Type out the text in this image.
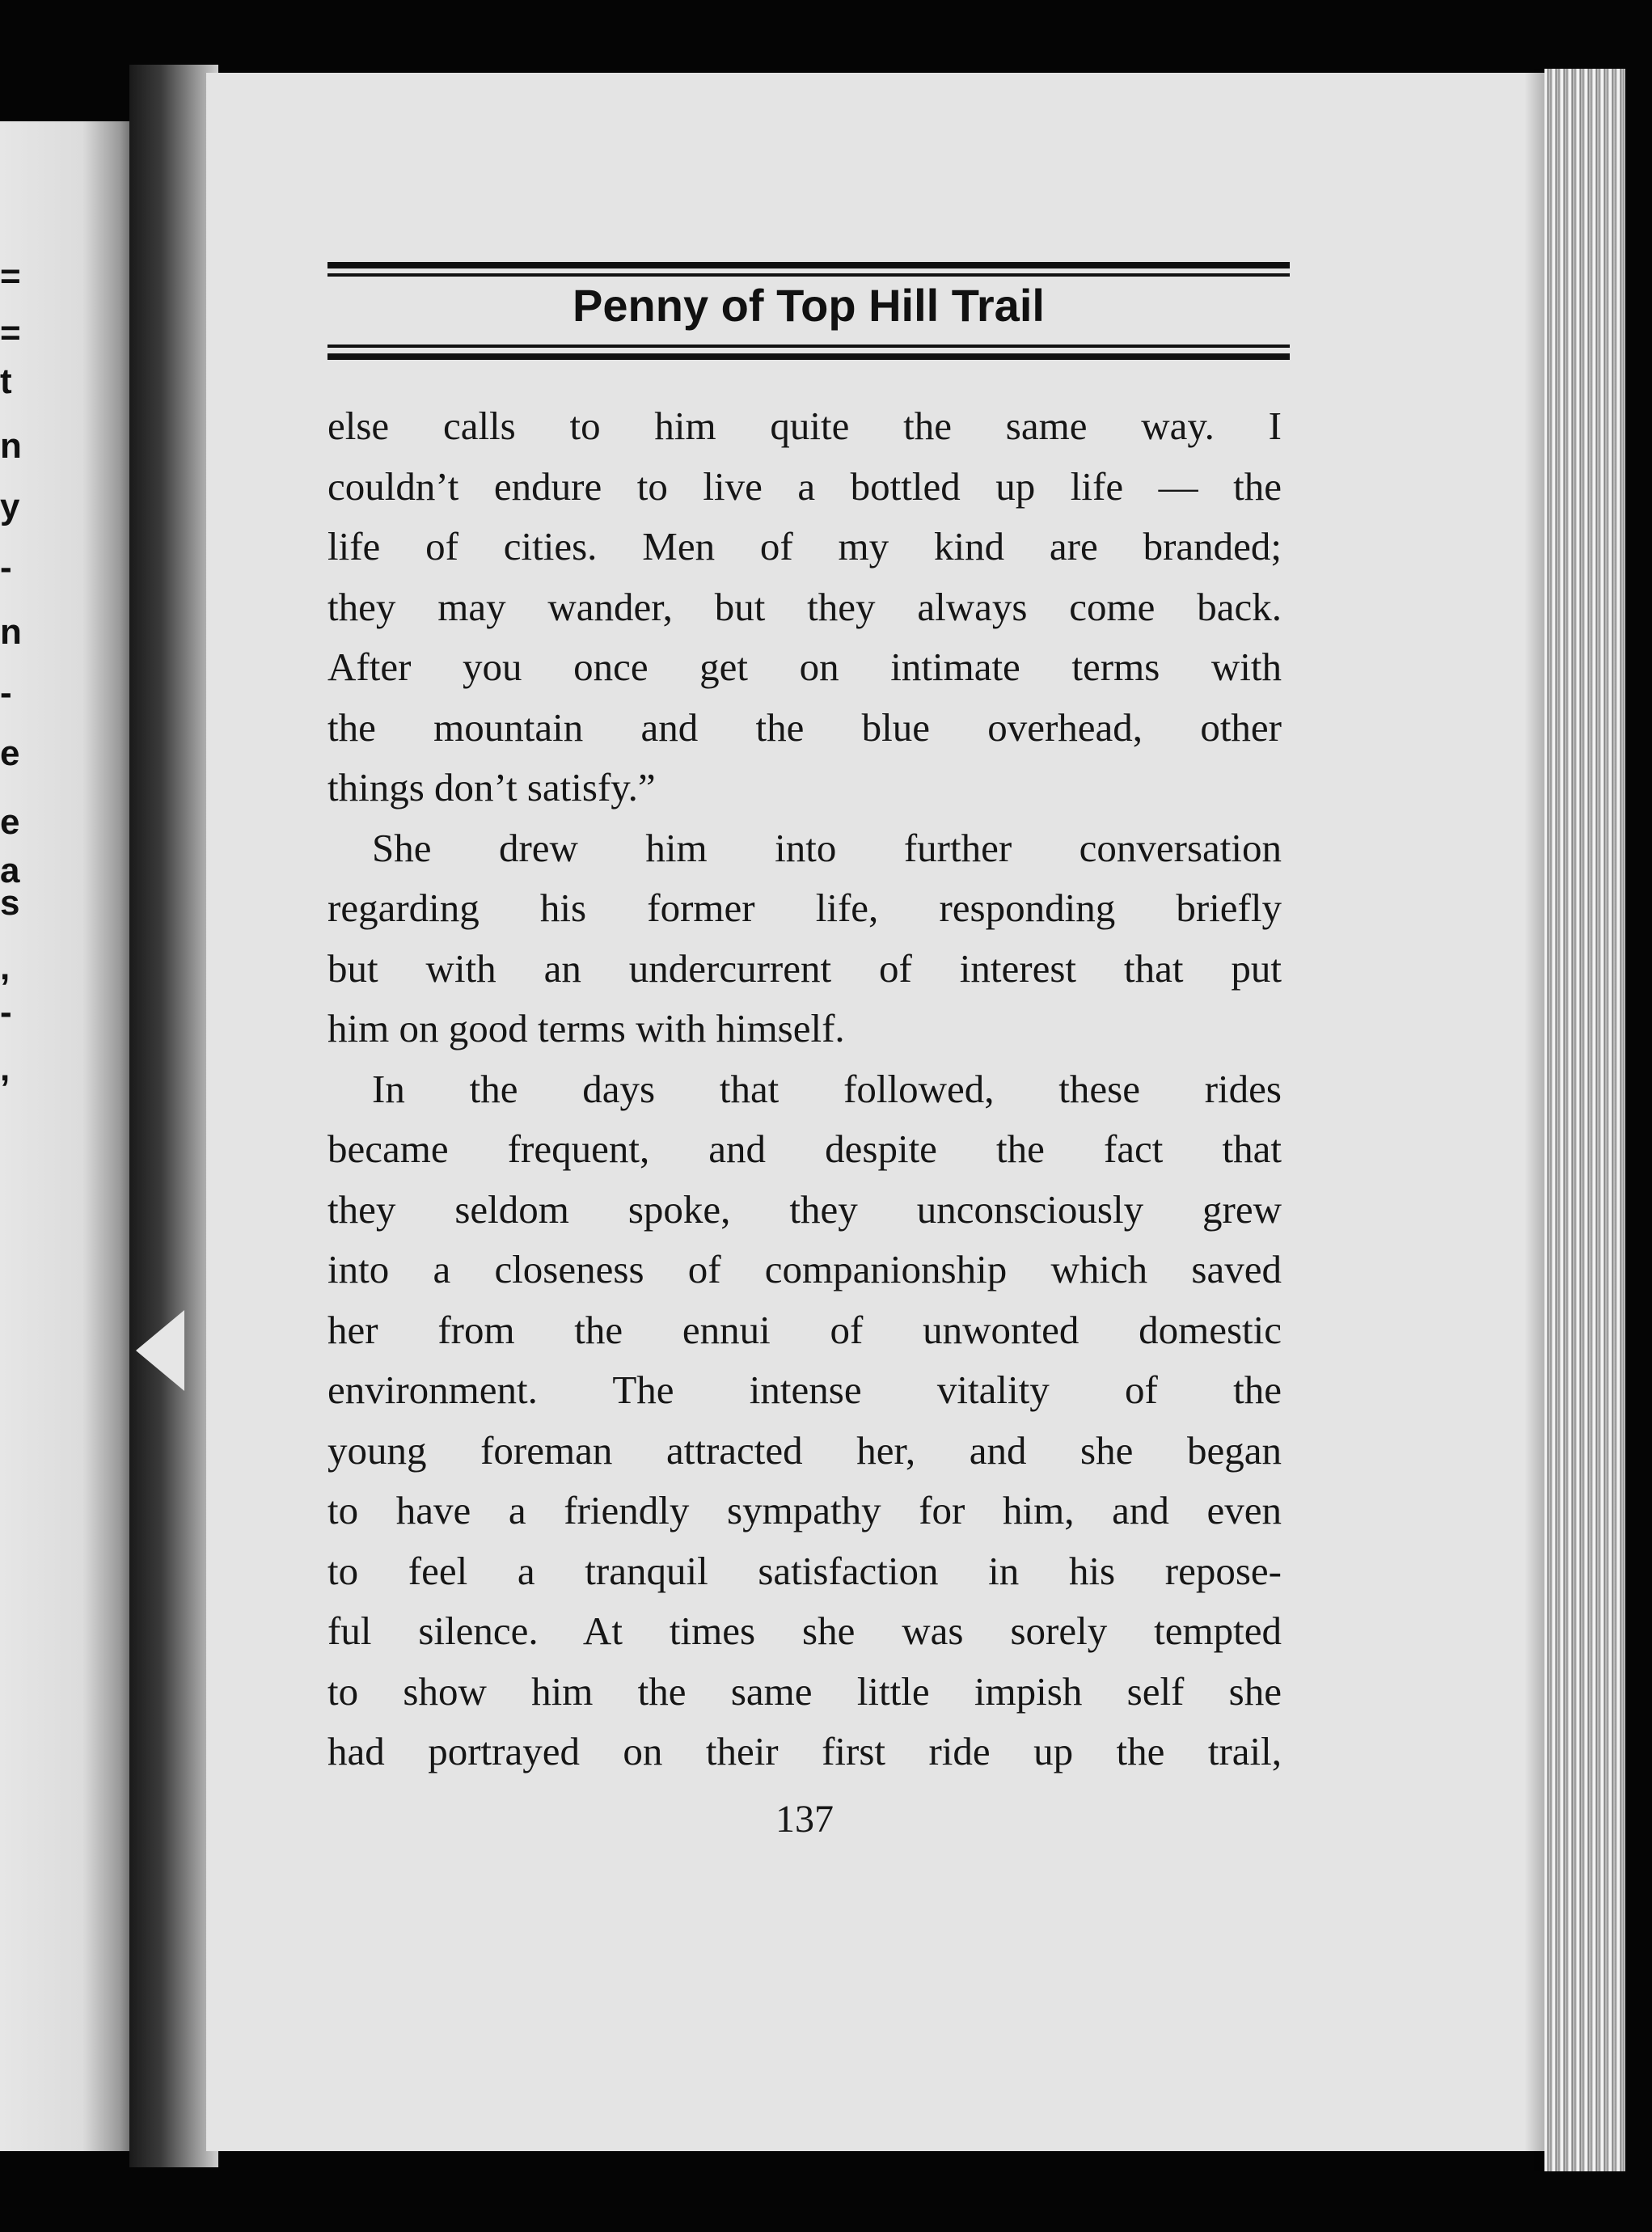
=
=
t
n
y
-
n
-
e
e
a
s
,
-
,
Penny of Top Hill Trail
else calls to him quite the same way. I
couldn’t endure to live a bottled up life — the
life of cities. Men of my kind are branded;
they may wander, but they always come back.
After you once get on intimate terms with
the mountain and the blue overhead, other
things don’t satisfy.”
She drew him into further conversation
regarding his former life, responding briefly
but with an undercurrent of interest that put
him on good terms with himself.
In the days that followed, these rides
became frequent, and despite the fact that
they seldom spoke, they unconsciously grew
into a closeness of companionship which saved
her from the ennui of unwonted domestic
environment. The intense vitality of the
young foreman attracted her, and she began
to have a friendly sympathy for him, and even
to feel a tranquil satisfaction in his repose-
ful silence. At times she was sorely tempted
to show him the same little impish self she
had portrayed on their first ride up the trail,
137
